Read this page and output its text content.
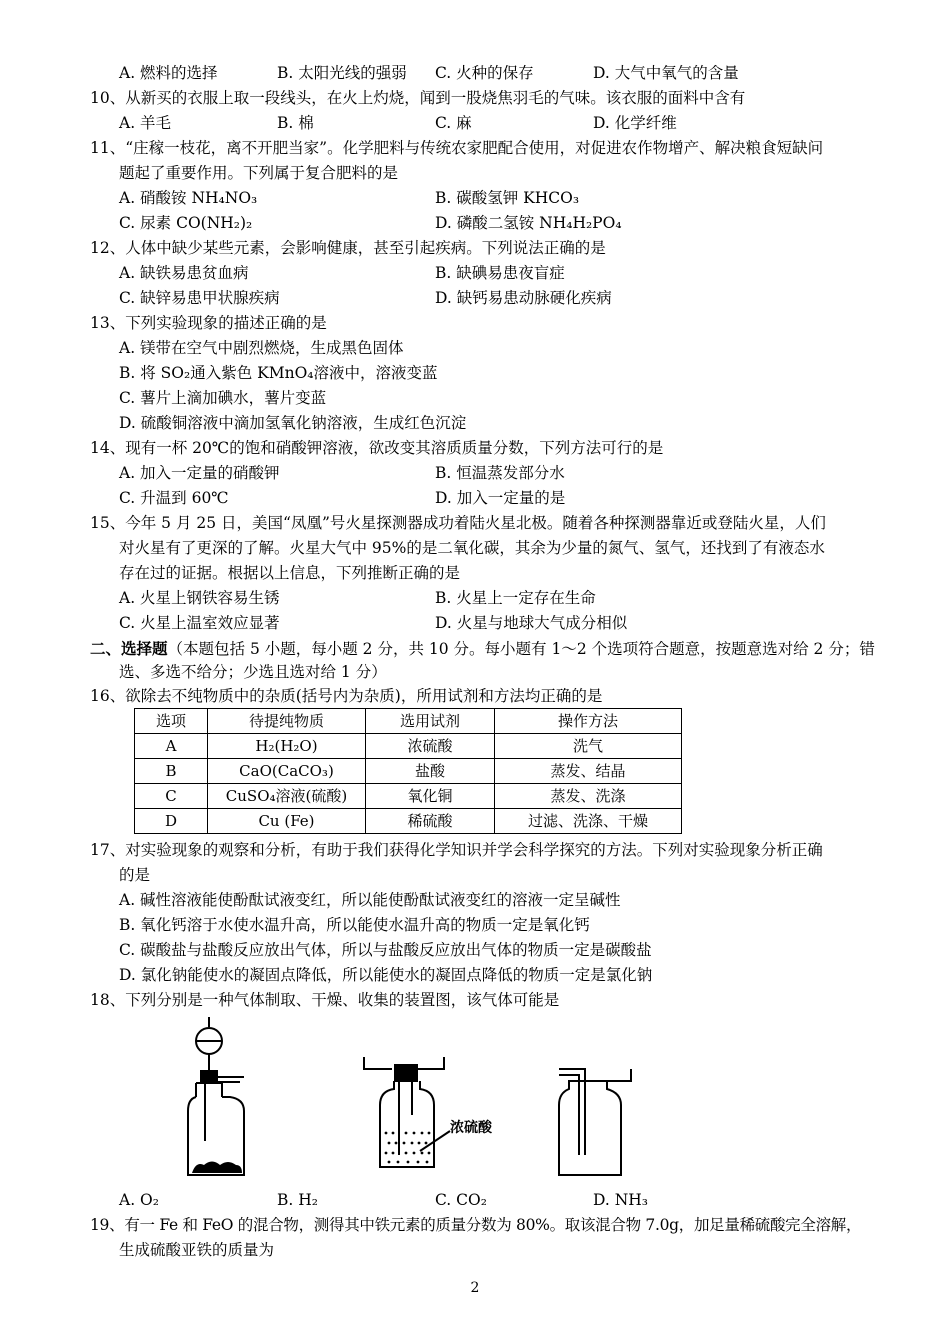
A. 燃料的选择	B. 太阳光线的强弱 C. 火种的保存	D. 大气中氧气的含量
10、从新买的衣服上取一段线头，在火上灼烧，闻到一股烧焦羽毛的气味。该衣服的面料中含有
A. 羊毛	B. 棉	C. 麻	D. 化学纤维
11、“庄稼一枝花，离不开肥当家”。化学肥料与传统农家肥配合使用，对促进农作物增产、解决粮食短缺问
题起了重要作用。下列属于复合肥料的是
A. 硝酸铵 NH₄NO₃	B. 碳酸氢钾 KHCO₃
C. 尿素 CO(NH₂)₂	D. 磷酸二氢铵 NH₄H₂PO₄
12、人体中缺少某些元素，会影响健康，甚至引起疾病。下列说法正确的是
A. 缺铁易患贫血病	B. 缺碘易患夜盲症
C. 缺锌易患甲状腺疾病	D. 缺钙易患动脉硬化疾病
13、下列实验现象的描述正确的是
A. 镁带在空气中剧烈燃烧，生成黑色固体
B. 将 SO₂通入紫色 KMnO₄溶液中，溶液变蓝
C. 薯片上滴加碘水，薯片变蓝
D. 硫酸铜溶液中滴加氢氧化钠溶液，生成红色沉淀
14、现有一杯 20℃的饱和硝酸钾溶液，欲改变其溶质质量分数，下列方法可行的是
A. 加入一定量的硝酸钾	B. 恒温蒸发部分水
C. 升温到 60℃	D. 加入一定量的是
15、今年 5 月 25 日，美国“凤凰”号火星探测器成功着陆火星北极。随着各种探测器靠近或登陆火星，人们
对火星有了更深的了解。火星大气中 95%的是二氧化碳，其余为少量的氮气、氢气，还找到了有液态水
存在过的证据。根据以上信息，下列推断正确的是
A. 火星上钢铁容易生锈	B. 火星上一定存在生命
C. 火星上温室效应显著	D. 火星与地球大气成分相似
二、选择题（本题包括 5 小题，每小题 2 分，共 10 分。每小题有 1～2 个选项符合题意，按题意选对给 2 分；错
选、多选不给分；少选且选对给 1 分）
16、欲除去不纯物质中的杂质(括号内为杂质)，所用试剂和方法均正确的是
选项	待提纯物质	选用试剂	操作方法
A	H₂(H₂O)	浓硫酸	洗气
B	CaO(CaCO₃)	盐酸	蒸发、结晶
C	CuSO₄溶液(硫酸)	氧化铜	蒸发、洗涤
D	Cu (Fe)	稀硫酸	过滤、洗涤、干燥
17、对实验现象的观察和分析，有助于我们获得化学知识并学会科学探究的方法。下列对实验现象分析正确
的是
A. 碱性溶液能使酚酞试液变红，所以能使酚酞试液变红的溶液一定呈碱性
B. 氧化钙溶于水使水温升高，所以能使水温升高的物质一定是氧化钙
C. 碳酸盐与盐酸反应放出气体，所以与盐酸反应放出气体的物质一定是碳酸盐
D. 氯化钠能使水的凝固点降低，所以能使水的凝固点降低的物质一定是氯化钠
18、下列分别是一种气体制取、干燥、收集的装置图，该气体可能是
浓硫酸
A. O₂	B. H₂	C. CO₂	D. NH₃
19、有一 Fe 和 FeO 的混合物，测得其中铁元素的质量分数为 80%。取该混合物 7.0g，加足量稀硫酸完全溶解，
生成硫酸亚铁的质量为
2
